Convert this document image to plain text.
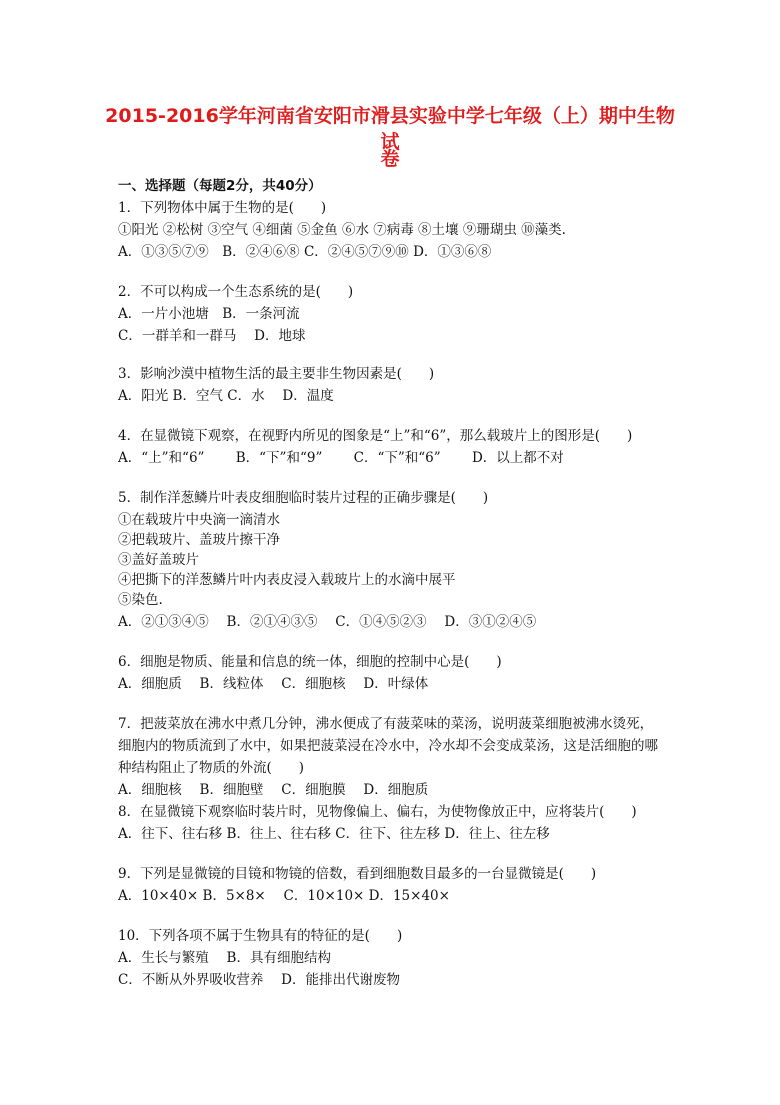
2015-2016学年河南省安阳市滑县实验中学七年级（上）期中生物试
卷
一、选择题（每题2分，共40分）
1．下列物体中属于生物的是(　　)
①阳光 ②松树 ③空气 ④细菌 ⑤金鱼 ⑥水 ⑦病毒 ⑧土壤 ⑨珊瑚虫 ⑩藻类.
A．①③⑤⑦⑨　B．②④⑥⑧ C．②④⑤⑦⑨⑩ D．①③⑥⑧
2．不可以构成一个生态系统的是(　　)
A．一片小池塘　B．一条河流
C．一群羊和一群马　 D．地球
3．影响沙漠中植物生活的最主要非生物因素是(　　)
A．阳光 B．空气 C．水　 D．温度
4．在显微镜下观察，在视野内所见的图象是“上”和“6”，那么载玻片上的图形是(　　)
A．“上”和“6”　　 B．“下”和“9”　　 C．“下”和“6”　　 D．以上都不对
5．制作洋葱鳞片叶表皮细胞临时装片过程的正确步骤是(　　)
①在载玻片中央滴一滴清水
②把载玻片、盖玻片擦干净
③盖好盖玻片
④把撕下的洋葱鳞片叶内表皮浸入载玻片上的水滴中展平
⑤染色.
A．②①③④⑤　 B．②①④③⑤　 C．①④⑤②③　 D．③①②④⑤
6．细胞是物质、能量和信息的统一体，细胞的控制中心是(　　)
A．细胞质　 B．线粒体　 C．细胞核　 D．叶绿体
7．把菠菜放在沸水中煮几分钟，沸水便成了有菠菜味的菜汤，说明菠菜细胞被沸水烫死，
细胞内的物质流到了水中，如果把菠菜浸在冷水中，冷水却不会变成菜汤，这是活细胞的哪
种结构阻止了物质的外流(　　)
A．细胞核　 B．细胞壁　 C．细胞膜　 D．细胞质
8．在显微镜下观察临时装片时，见物像偏上、偏右，为使物像放正中，应将装片(　　)
A．往下、往右移 B．往上、往右移 C．往下、往左移 D．往上、往左移
9．下列是显微镜的目镜和物镜的倍数，看到细胞数目最多的一台显微镜是(　　)
A．10×40× B．5×8×　 C．10×10× D．15×40×
10．下列各项不属于生物具有的特征的是(　　)
A．生长与繁殖　 B．具有细胞结构
C．不断从外界吸收营养　 D．能排出代谢废物
